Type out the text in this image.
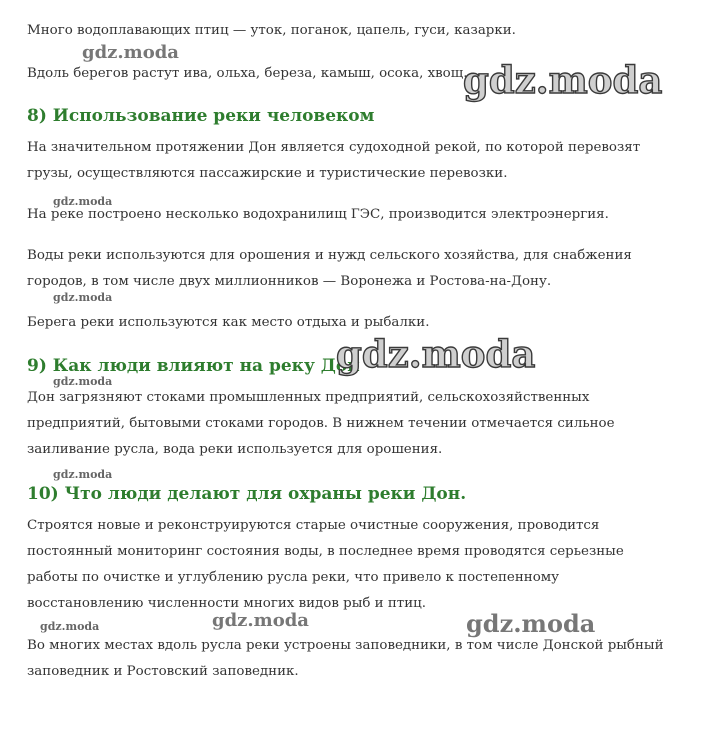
Много водоплавающих птиц — уток, поганок, цапель, гуси, казарки.

Вдоль берегов растут ива, ольха, береза, камыш, осока, хвощ.

8) Использование реки человеком

На значительном протяжении Дон является судоходной рекой, по которой перевозят грузы, осуществляются пассажирские и туристические перевозки.

На реке построено несколько водохранилищ ГЭС, производится электроэнергия.

Воды реки используются для орошения и нужд сельского хозяйства, для снабжения городов, в том числе двух миллионников — Воронежа и Ростова-на-Дону.

Берега реки используются как место отдыха и рыбалки.

9) Как люди влияют на реку Дон

Дон загрязняют стоками промышленных предприятий, сельскохозяйственных предприятий, бытовыми стоками городов. В нижнем течении отмечается сильное заиливание русла, вода реки используется для орошения.

10) Что люди делают для охраны реки Дон.

Строятся новые и реконструируются старые очистные сооружения, проводится постоянный мониторинг состояния воды, в последнее время проводятся серьезные работы по очистке и углублению русла реки, что привело к постепенному восстановлению численности многих видов рыб и птиц.

Во многих местах вдоль русла реки устроены заповедники, в том числе Донской рыбный заповедник и Ростовский заповедник.

gdz.moda
gdz.moda
gdz.moda
gdz.moda
gdz.moda
gdz.moda
gdz.moda
gdz.moda	gdz.moda	gdz.moda
